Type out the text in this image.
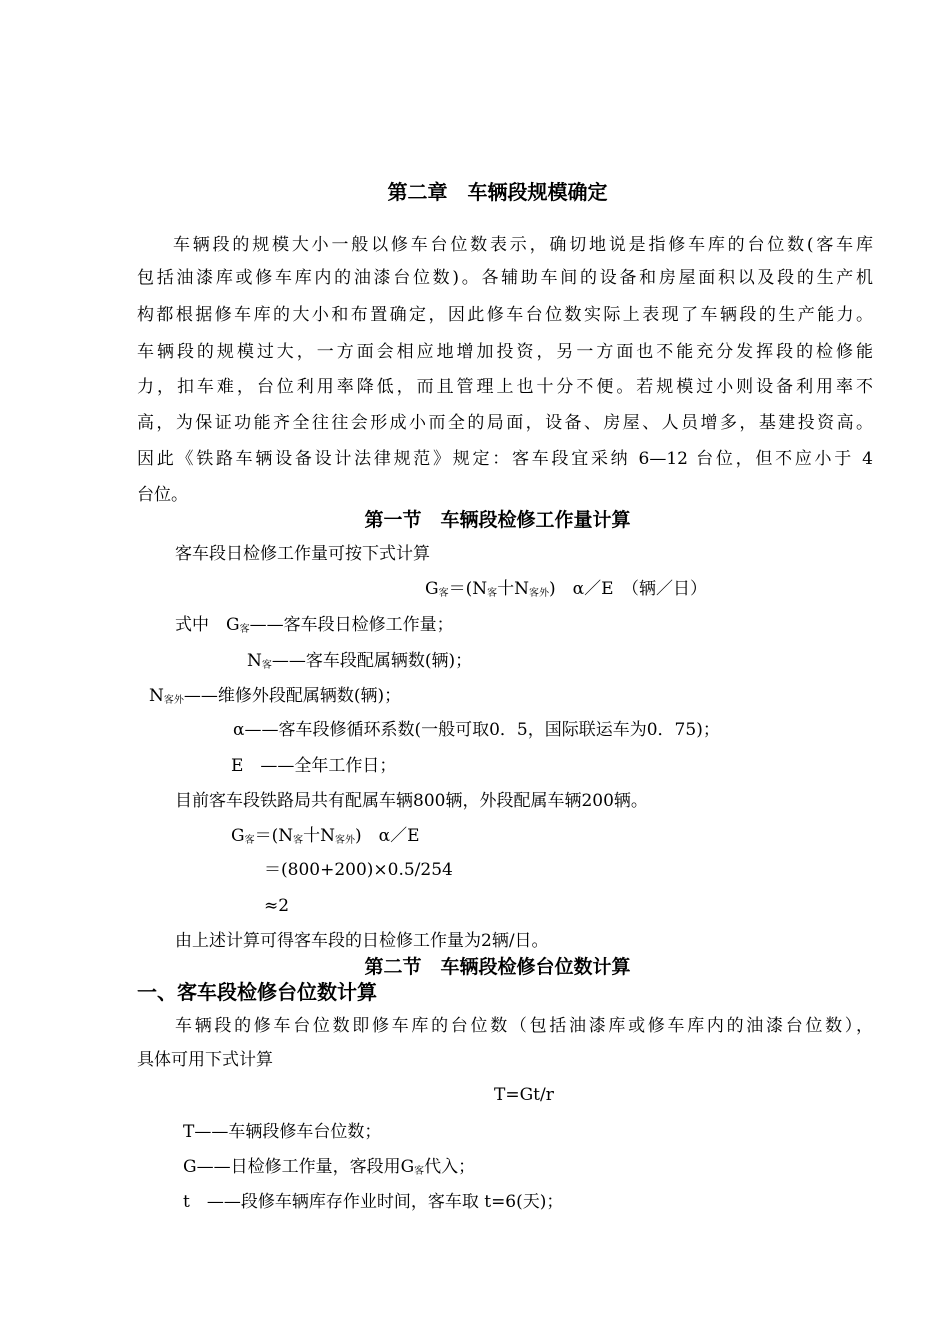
第二章　车辆段规模确定
车辆段的规模大小一般以修车台位数表示，确切地说是指修车库的台位数(客车库
包括油漆库或修车库内的油漆台位数)。各辅助车间的设备和房屋面积以及段的生产机
构都根据修车库的大小和布置确定，因此修车台位数实际上表现了车辆段的生产能力。
车辆段的规模过大，一方面会相应地增加投资，另一方面也不能充分发挥段的检修能
力，扣车难，台位利用率降低，而且管理上也十分不便。若规模过小则设备利用率不
高，为保证功能齐全往往会形成小而全的局面，设备、房屋、人员增多，基建投资高。
因此《铁路车辆设备设计法律规范》规定：客车段宜采纳 6—12 台位，但不应小于 4
台位。
第一节　车辆段检修工作量计算
客车段日检修工作量可按下式计算
$G_客=(N_客$十$N_{客外}$)　α／E　（辆／日）
式中　$G_客——$客车段日检修工作量；
$N_客——$客车段配属辆数(辆)；
$N_{客外}——$维修外段配属辆数(辆)；
α——客车段修循环系数(一般可取0．5，国际联运车为0．75)；
E　——全年工作日；
目前客车段铁路局共有配属车辆800辆，外段配属车辆200辆。
$G_客=(N_客$十$N_{客外}$)　α／E
＝(800+200)×0.5/254
≈2
由上述计算可得客车段的日检修工作量为2辆/日。
第二节　车辆段检修台位数计算
一、客车段检修台位数计算
车辆段的修车台位数即修车库的台位数（包括油漆库或修车库内的油漆台位数），
具体可用下式计算
T=Gt/r
T——车辆段修车台位数；
G——日检修工作量，客段用$G_客$代入；
t　——段修车辆库存作业时间，客车取 t=6(天)；
